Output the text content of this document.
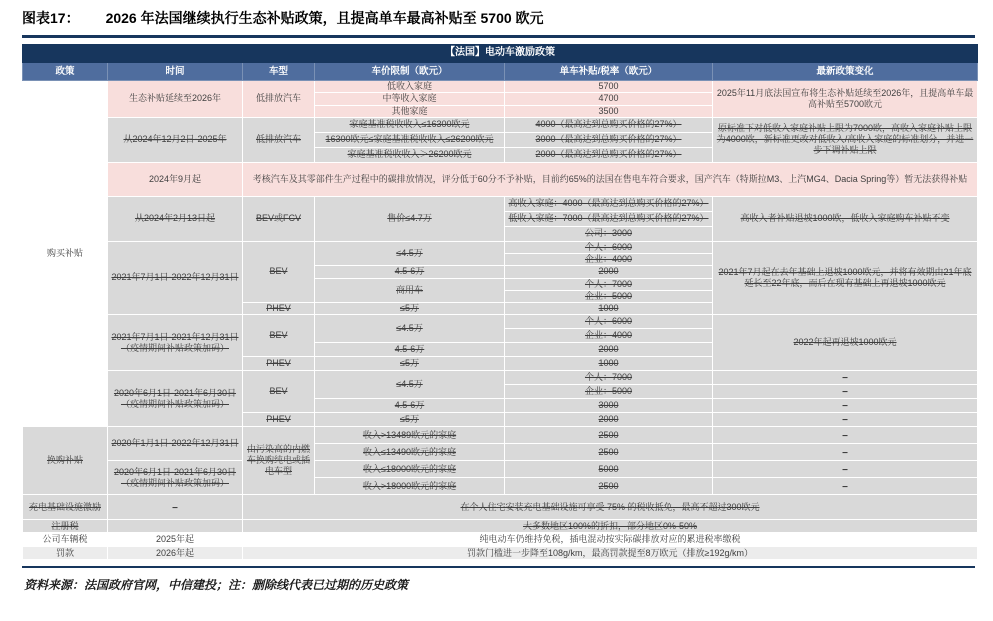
图表17： 2026 年法国继续执行生态补贴政策，且提高单车最高补贴至 5700 欧元
【法国】电动车激励政策					
政策	时间	车型	车价限制（欧元）	单车补贴/税率（欧元）	最新政策变化
购买补贴	生态补贴延续至2026年	低排放汽车	低收入家庭	5700	2025年11月底法国宣布将生态补贴延续至2026年，且提高单车最高补贴至5700欧元
			中等收入家庭	4700	
			其他家庭	3500	
	从2024年12月2日-2025年	低排放汽车	家庭基准税收收入≤16300欧元	4000（最高达到总购买价格的27%）	原标准下对低收入家庭补贴上限为7000欧，高收入家庭补贴上限为4000欧，新标准更改对低收入/高收入家庭的标准划分，并进一步下调补贴上限
			16300欧元≤家庭基准税收收入≤26200欧元	3000（最高达到总购买价格的27%）	
			家庭基准税收收入＞26200欧元	2000（最高达到总购买价格的27%）	
	2024年9月起	考核汽车及其零部件生产过程中的碳排放情况，评分低于60分不予补贴，目前约65%的法国在售电车符合要求，国产汽车（特斯拉M3、上汽MG4、Dacia Spring等）暂无法获得补贴			
	从2024年2月13日起	BEV或FCV	售价≤4.7万	高收入家庭：4000（最高达到总购买价格的27%）	高收入者补贴退坡1000欧，低收入家庭购车补贴不变
				低收入家庭：7000（最高达到总购买价格的27%）	
				公司：3000	
	2021年7月1日-2022年12月31日	BEV	≤4.5万	个人：6000	2021年7月起在去年基础上退坡1000欧元，并将有效期由21年底延长至22年底，而后在现有基础上再退坡1000欧元
				企业：4000	
			4.5-6万	2000	
			商用车	个人：7000	
				企业：5000	
		PHEV	≤5万	1000	
	2021年7月1日-2021年12月31日（疫情期间补贴政策加码）	BEV	≤4.5万	个人：6000	2022年起再退坡1000欧元
				企业：4000	
			4.5-6万	2000	
		PHEV	≤5万	1000	
	2020年6月1日-2021年6月30日（疫情期间补贴政策加码）	BEV	≤4.5万	个人：7000	–
				企业：5000	–
			4.5-6万	3000	–
		PHEV	≤5万	2000	–
换购补贴	2020年1月1日-2022年12月31日	由污染高的内燃车换购纯电或插电车型	收入>13489欧元的家庭	2500	–
			收入≤13490欧元的家庭	2500	–
	2020年6月1日-2021年6月30日（疫情期间补贴政策加码）		收入≤18000欧元的家庭	5000	–
			收入>18000欧元的家庭	2500	–
充电基础设施激励	–	在个人住宅安装充电基础设施可享受 75% 的税收抵免，最高不超过300欧元			
注册税		大多数地区100%的折扣，部分地区0%-50%			
公司车辆税	2025年起	纯电动车仍维持免税，插电混动按实际碳排放对应的累进税率缴税			
罚款	2026年起	罚款门槛进一步降至108g/km，最高罚款提至8万欧元（排放≥192g/km）			
资料来源：法国政府官网，中信建投；注：删除线代表已过期的历史政策
